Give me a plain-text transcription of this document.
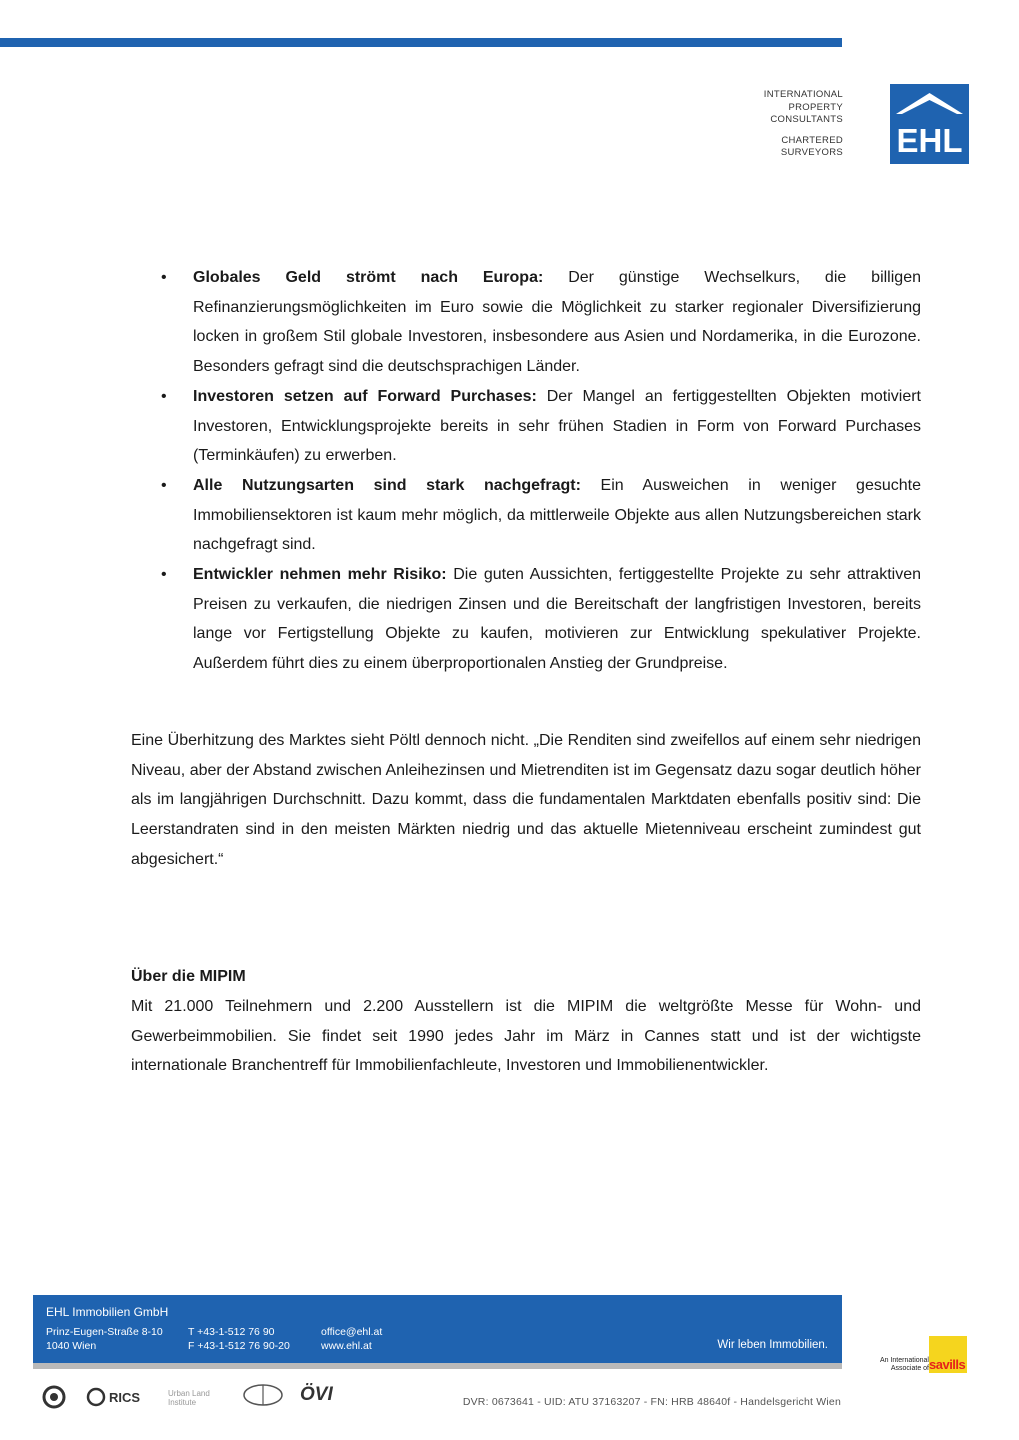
INTERNATIONAL
PROPERTY
CONSULTANTS
CHARTERED
SURVEYORS EHL
• Globales Geld strömt nach Europa: Der günstige Wechselkurs, die billigen Refinanzierungsmöglichkeiten im Euro sowie die Möglichkeit zu starker regionaler Diversifizierung locken in großem Stil globale Investoren, insbesondere aus Asien und Nordamerika, in die Eurozone. Besonders gefragt sind die deutschsprachigen Länder.
• Investoren setzen auf Forward Purchases: Der Mangel an fertiggestellten Objekten motiviert Investoren, Entwicklungsprojekte bereits in sehr frühen Stadien in Form von Forward Purchases (Terminkäufen) zu erwerben.
• Alle Nutzungsarten sind stark nachgefragt: Ein Ausweichen in weniger gesuchte Immobiliensektoren ist kaum mehr möglich, da mittlerweile Objekte aus allen Nutzungsbereichen stark nachgefragt sind.
• Entwickler nehmen mehr Risiko: Die guten Aussichten, fertiggestellte Projekte zu sehr attraktiven Preisen zu verkaufen, die niedrigen Zinsen und die Bereitschaft der langfristigen Investoren, bereits lange vor Fertigstellung Objekte zu kaufen, motivieren zur Entwicklung spekulativer Projekte. Außerdem führt dies zu einem überproportionalen Anstieg der Grundpreise.

Eine Überhitzung des Marktes sieht Pöltl dennoch nicht. „Die Renditen sind zweifellos auf einem sehr niedrigen Niveau, aber der Abstand zwischen Anleihezinsen und Mietrenditen ist im Gegensatz dazu sogar deutlich höher als im langjährigen Durchschnitt. Dazu kommt, dass die fundamentalen Marktdaten ebenfalls positiv sind: Die Leerstandraten sind in den meisten Märkten niedrig und das aktuelle Mietenniveau erscheint zumindest gut abgesichert.“

Über die MIPIM

Mit 21.000 Teilnehmern und 2.200 Ausstellern ist die MIPIM die weltgrößte Messe für Wohn- und Gewerbeimmobilien. Sie findet seit 1990 jedes Jahr im März in Cannes statt und ist der wichtigste internationale Branchentreff für Immobilienfachleute, Investoren und Immobilienentwickler.

EHL Immobilien GmbH
Prinz-Eugen-Straße 8-10
1040 Wien
T +43-1-512 76 90
F +43-1-512 76 90-20
office@ehl.at
www.ehl.at	Wir leben Immobilien.
An International
Associate of savills
RICS	Urban Land Institute	ÖVI	DVR: 0673641 - UID: ATU 37163207 - FN: HRB 48640f - Handelsgericht Wien
